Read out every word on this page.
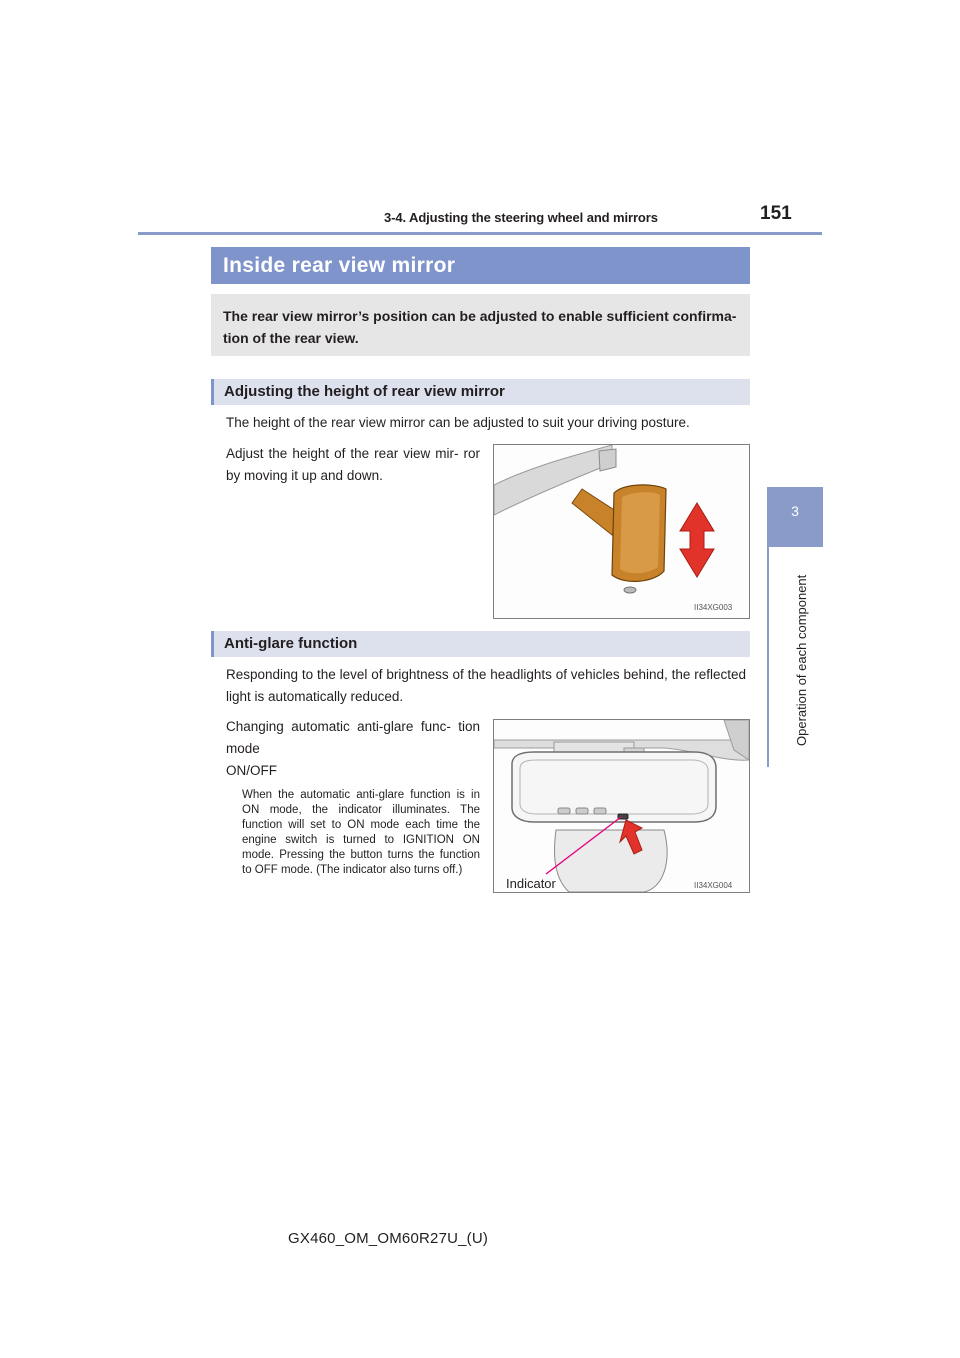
3-4. Adjusting the steering wheel and mirrors	151
3
Operation of each component
Inside rear view mirror
The rear view mirror’s position can be adjusted to enable sufficient confirma- tion of the rear view.
Adjusting the height of rear view mirror
The height of the rear view mirror can be adjusted to suit your driving posture.
Adjust the height of the rear view mir- ror by moving it up and down.
II34XG003
Anti-glare function
Responding to the level of brightness of the headlights of vehicles behind, the reflected light is automatically reduced.
Changing automatic anti-glare func- tion mode
ON/OFF
When the automatic anti-glare function is in ON mode, the indicator illuminates. The function will set to ON mode each time the engine switch is turned to IGNITION ON mode. Pressing the button turns the function to OFF mode. (The indicator also turns off.)
Indicator	II34XG004
GX460_OM_OM60R27U_(U)
